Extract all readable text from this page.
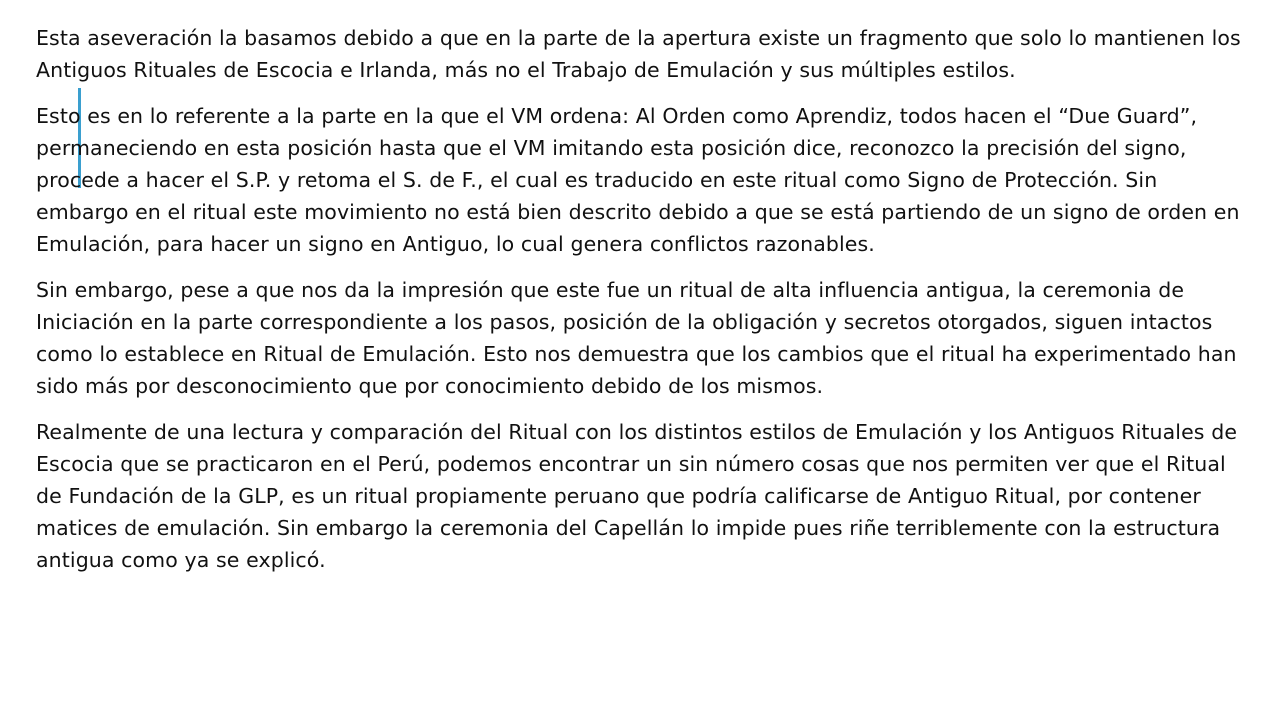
Esta aseveración la basamos debido a que en la parte de la apertura existe un fragmento que solo lo mantienen los Antiguos Rituales de Escocia e Irlanda, más no el Trabajo de Emulación y sus múltiples estilos.

Esto es en lo referente a la parte en la que el VM ordena: Al Orden como Aprendiz, todos hacen el “Due Guard”, permaneciendo en esta posición hasta que el VM imitando esta posición dice, reconozco la precisión del signo, procede a hacer el S.P. y retoma el S. de F., el cual es traducido en este ritual como Signo de Protección. Sin embargo en el ritual este movimiento no está bien descrito debido a que se está partiendo de un signo de orden en Emulación, para hacer un signo en Antiguo, lo cual genera conflictos razonables.

Sin embargo, pese a que nos da la impresión que este fue un ritual de alta influencia antigua, la ceremonia de Iniciación en la parte correspondiente a los pasos, posición de la obligación y secretos otorgados, siguen intactos como lo establece en Ritual de Emulación. Esto nos demuestra que los cambios que el ritual ha experimentado han sido más por desconocimiento que por conocimiento debido de los mismos.

Realmente de una lectura y comparación del Ritual con los distintos estilos de Emulación y los Antiguos Rituales de Escocia que se practicaron en el Perú, podemos encontrar un sin número cosas que nos permiten ver que el Ritual de Fundación de la GLP, es un ritual propiamente peruano que podría calificarse de Antiguo Ritual, por contener matices de emulación. Sin embargo la ceremonia del Capellán lo impide pues riñe terriblemente con la estructura antigua como ya se explicó.
